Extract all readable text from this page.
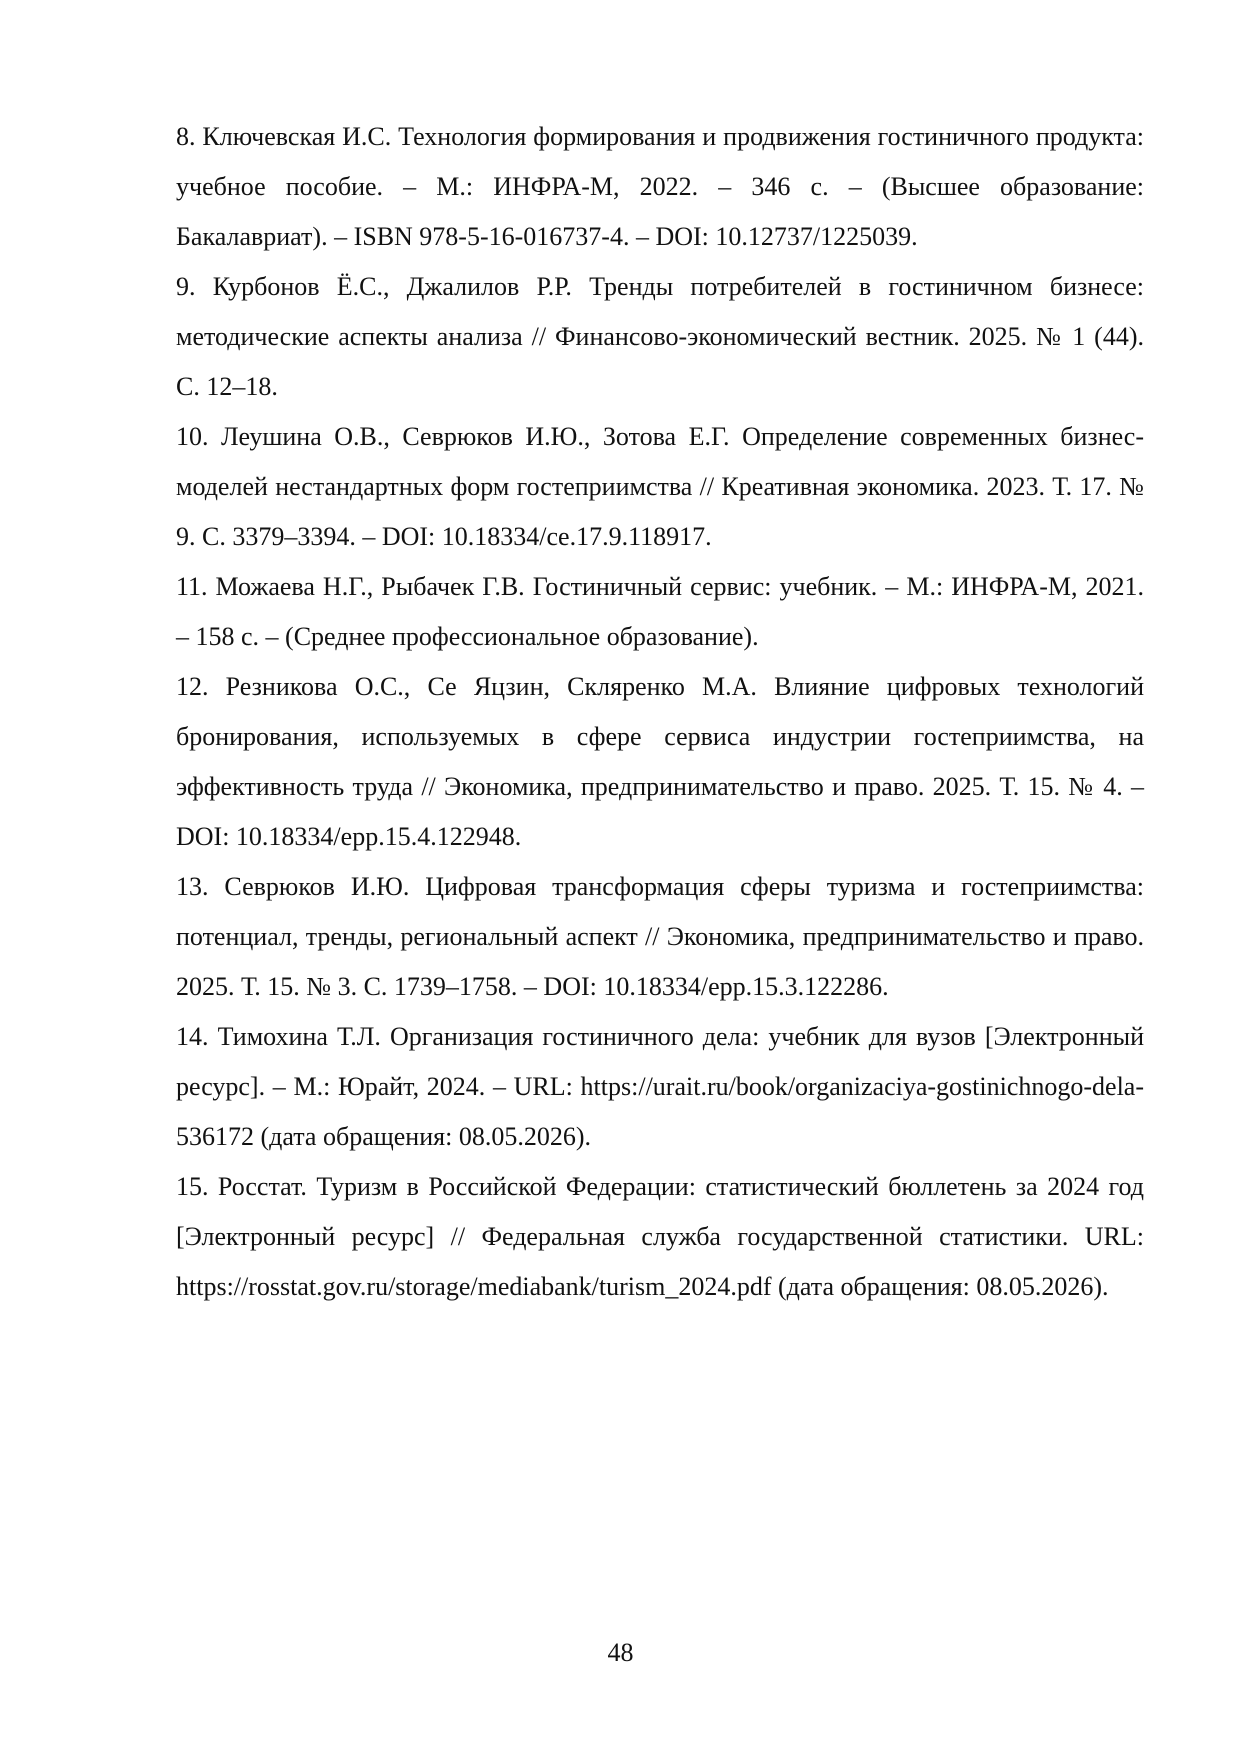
8. Ключевская И.С. Технология формирования и продвижения гостиничного продукта: учебное пособие. – М.: ИНФРА-М, 2022. – 346 с. – (Высшее образование: Бакалавриат). – ISBN 978-5-16-016737-4. – DOI: 10.12737/1225039.

9. Курбонов Ё.С., Джалилов Р.Р. Тренды потребителей в гостиничном бизнесе: методические аспекты анализа // Финансово-экономический вестник. 2025. № 1 (44). С. 12–18.

10. Леушина О.В., Севрюков И.Ю., Зотова Е.Г. Определение современных бизнес-моделей нестандартных форм гостеприимства // Креативная экономика. 2023. Т. 17. № 9. С. 3379–3394. – DOI: 10.18334/ce.17.9.118917.

11. Можаева Н.Г., Рыбачек Г.В. Гостиничный сервис: учебник. – М.: ИНФРА-М, 2021. – 158 с. – (Среднее профессиональное образование).

12. Резникова О.С., Се Яцзин, Скляренко М.А. Влияние цифровых технологий бронирования, используемых в сфере сервиса индустрии гостеприимства, на эффективность труда // Экономика, предпринимательство и право. 2025. Т. 15. № 4. – DOI: 10.18334/epp.15.4.122948.

13. Севрюков И.Ю. Цифровая трансформация сферы туризма и гостеприимства: потенциал, тренды, региональный аспект // Экономика, предпринимательство и право. 2025. Т. 15. № 3. С. 1739–1758. – DOI: 10.18334/epp.15.3.122286.

14. Тимохина Т.Л. Организация гостиничного дела: учебник для вузов [Электронный ресурс]. – М.: Юрайт, 2024. – URL: https://urait.ru/book/organizaciya-gostinichnogo-dela-536172 (дата обращения: 08.05.2026).

15. Росстат. Туризм в Российской Федерации: статистический бюллетень за 2024 год [Электронный ресурс] // Федеральная служба государственной статистики. URL: https://rosstat.gov.ru/storage/mediabank/turism_2024.pdf (дата обращения: 08.05.2026).

48
